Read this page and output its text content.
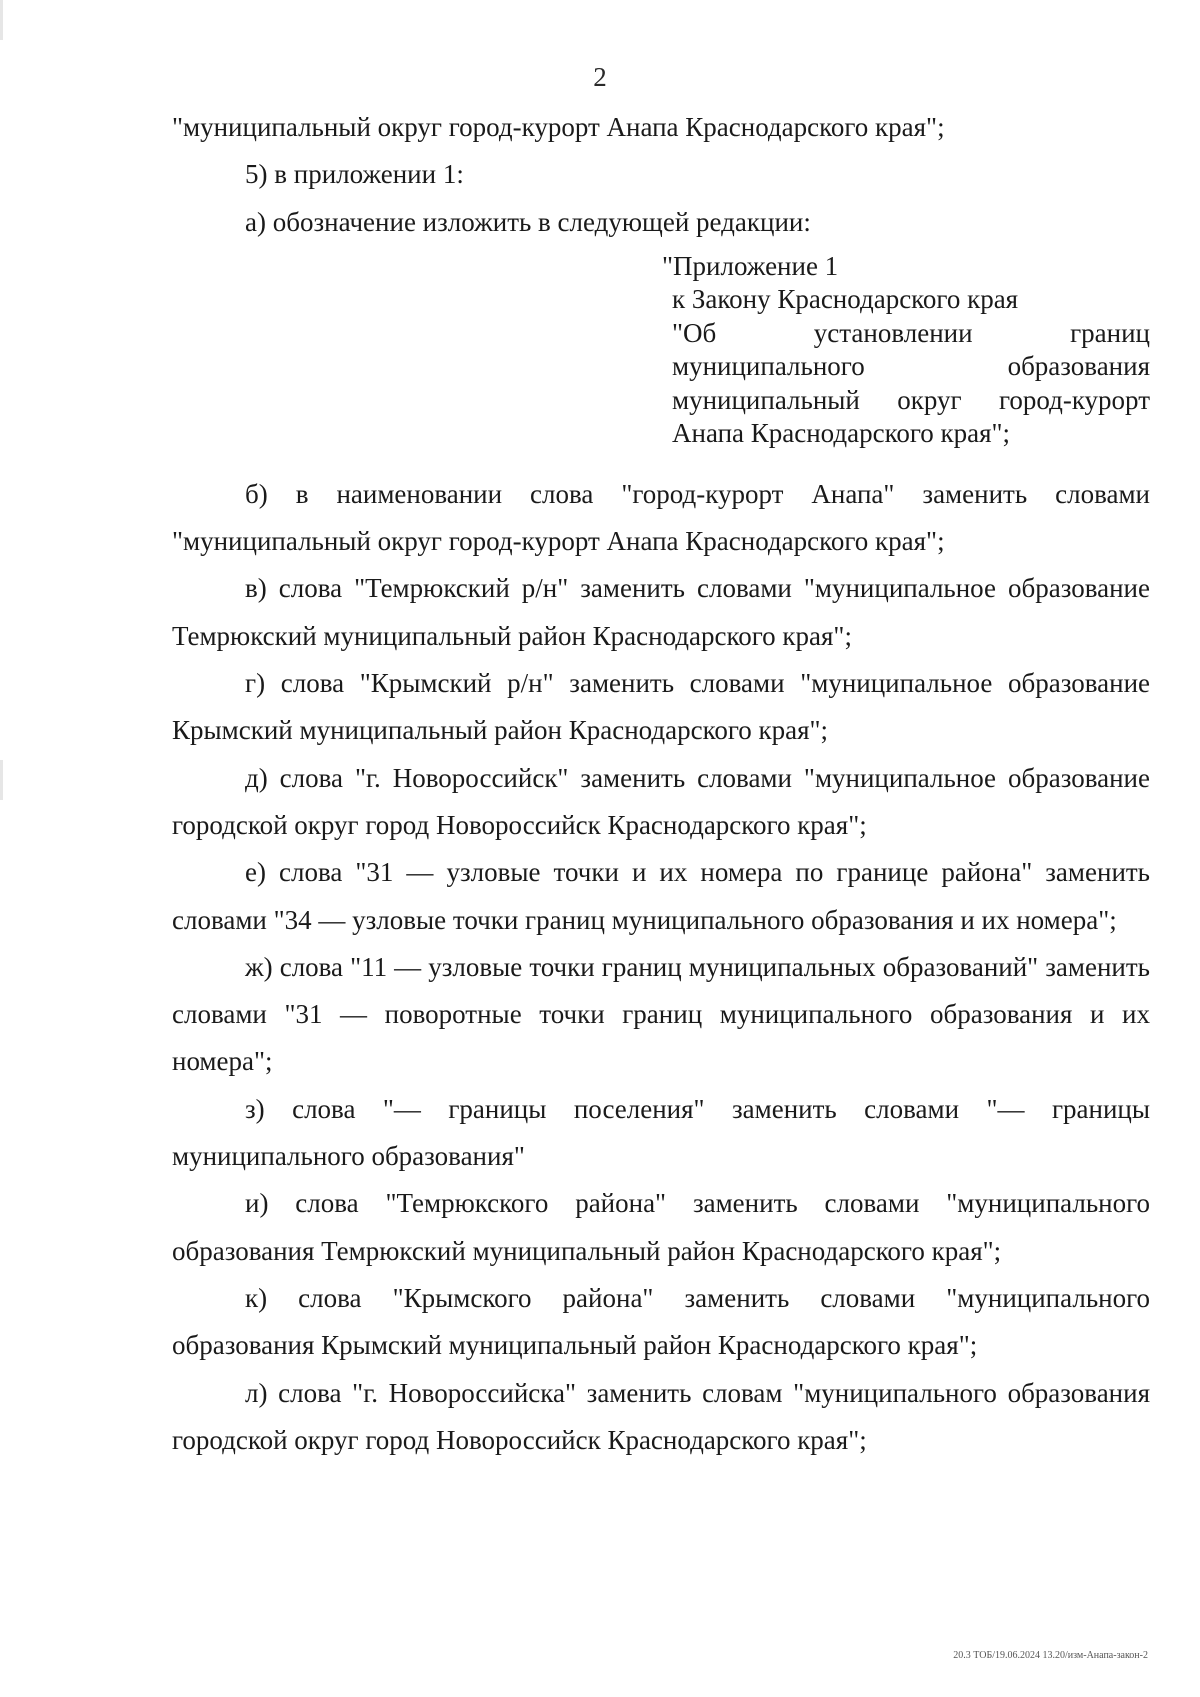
2

"муниципальный округ город-курорт Анапа Краснодарского края";

5) в приложении 1:

а) обозначение изложить в следующей редакции:

"Приложение 1
к Закону Краснодарского края
"Об установлении границ муниципального образования муниципальный округ город-курорт Анапа Краснодарского края";

б) в наименовании слова "город-курорт Анапа" заменить словами "муниципальный округ город-курорт Анапа Краснодарского края";

в) слова "Темрюкский р/н" заменить словами "муниципальное образование Темрюкский муниципальный район Краснодарского края";

г) слова "Крымский р/н" заменить словами "муниципальное образование Крымский муниципальный район Краснодарского края";

д) слова "г. Новороссийск" заменить словами "муниципальное образование городской округ город Новороссийск Краснодарского края";

е) слова "31 — узловые точки и их номера по границе района" заменить словами "34 — узловые точки границ муниципального образования и их номера";

ж) слова "11 — узловые точки границ муниципальных образований" заменить словами "31 — поворотные точки границ муниципального образования и их номера";

з) слова "— границы поселения" заменить словами "— границы муниципального образования"

и) слова "Темрюкского района" заменить словами "муниципального образования Темрюкский муниципальный район Краснодарского края";

к) слова "Крымского района" заменить словами "муниципального образования Крымский муниципальный район Краснодарского края";

л) слова "г. Новороссийска" заменить словам "муниципального образования городской округ город Новороссийск Краснодарского края";

20.3 ТОБ/19.06.2024 13.20/изм-Анапа-закон-2
